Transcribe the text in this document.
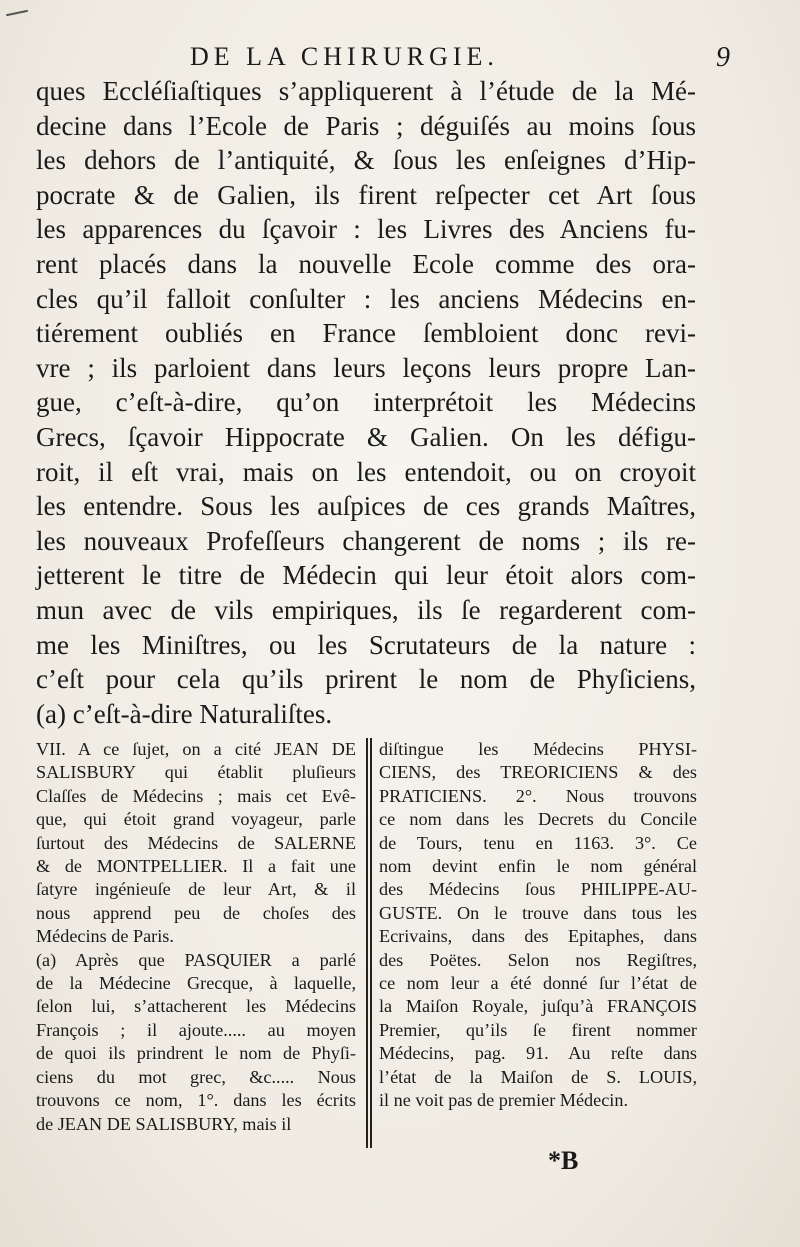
DE LA CHIRURGIE.	9
ques Eccléſiaſtiques s’appliquerent à l’étude de la Mé-
decine dans l’Ecole de Paris ; déguiſés au moins ſous
les dehors de l’antiquité, & ſous les enſeignes d’Hip-
pocrate & de Galien, ils firent reſpecter cet Art ſous
les apparences du ſçavoir : les Livres des Anciens fu-
rent placés dans la nouvelle Ecole comme des ora-
cles qu’il falloit conſulter : les anciens Médecins en-
tiérement oubliés en France ſembloient donc revi-
vre ; ils parloient dans leurs leçons leurs propre Lan-
gue, c’eſt-à-dire, qu’on interprétoit les Médecins
Grecs, ſçavoir Hippocrate & Galien. On les défigu-
roit, il eſt vrai, mais on les entendoit, ou on croyoit
les entendre. Sous les auſpices de ces grands Maîtres,
les nouveaux Profeſſeurs changerent de noms ; ils re-
jetterent le titre de Médecin qui leur étoit alors com-
mun avec de vils empiriques, ils ſe regarderent com-
me les Miniſtres, ou les Scrutateurs de la nature :
c’eſt pour cela qu’ils prirent le nom de Phyſiciens,
(a) c’eſt-à-dire Naturaliſtes.
VII. A ce ſujet, on a cité JEAN DE
SALISBURY qui établit pluſieurs
Claſſes de Médecins ; mais cet Evê-
que, qui étoit grand voyageur, parle
ſurtout des Médecins de SALERNE
& de MONTPELLIER. Il a fait une
ſatyre ingénieuſe de leur Art, & il
nous apprend peu de choſes des
Médecins de Paris.
(a) Après que PASQUIER a parlé
de la Médecine Grecque, à laquelle,
ſelon lui, s’attacherent les Médecins
François ; il ajoute..... au moyen
de quoi ils prindrent le nom de Phyſi-
ciens du mot grec, &c..... Nous
trouvons ce nom, 1°. dans les écrits
de JEAN DE SALISBURY, mais il
diſtingue les Médecins PHYSI-
CIENS, des TREORICIENS & des
PRATICIENS. 2°. Nous trouvons
ce nom dans les Decrets du Concile
de Tours, tenu en 1163. 3°. Ce
nom devint enfin le nom général
des Médecins ſous PHILIPPE-AU-
GUSTE. On le trouve dans tous les
Ecrivains, dans des Epitaphes, dans
des Poëtes. Selon nos Regiſtres,
ce nom leur a été donné ſur l’état de
la Maiſon Royale, juſqu’à FRANÇOIS
Premier, qu’ils ſe firent nommer
Médecins, pag. 91. Au reſte dans
l’état de la Maiſon de S. LOUIS,
il ne voit pas de premier Médecin.
*B
